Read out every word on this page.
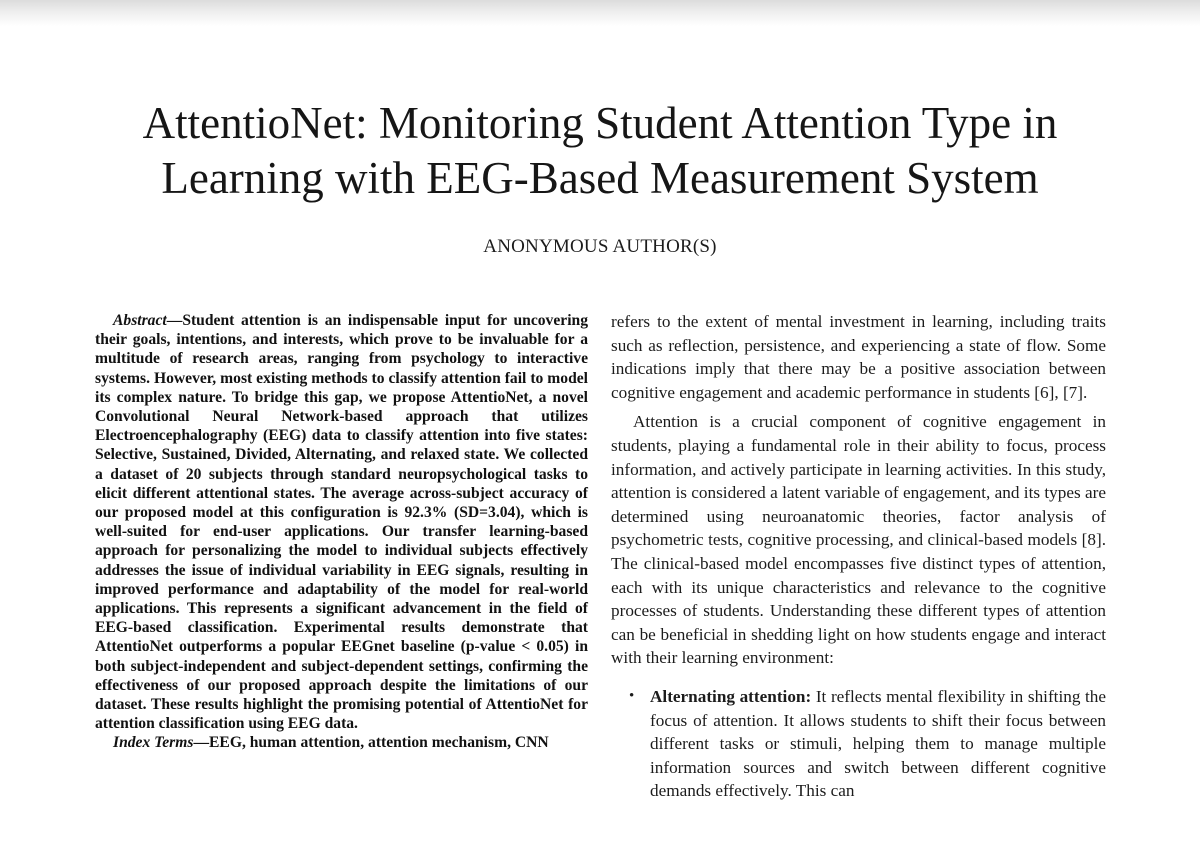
AttentioNet: Monitoring Student Attention Type in
Learning with EEG-Based Measurement System
ANONYMOUS AUTHOR(S)

Abstract—Student attention is an indispensable input for uncovering their goals, intentions, and interests, which prove to be invaluable for a multitude of research areas, ranging from psychology to interactive systems. However, most existing methods to classify attention fail to model its complex nature. To bridge this gap, we propose AttentioNet, a novel Convolutional Neural Network-based approach that utilizes Electroencephalography (EEG) data to classify attention into five states: Selective, Sustained, Divided, Alternating, and relaxed state. We collected a dataset of 20 subjects through standard neuropsychological tasks to elicit different attentional states. The average across-subject accuracy of our proposed model at this configuration is 92.3% (SD=3.04), which is well-suited for end-user applications. Our transfer learning-based approach for personalizing the model to individual subjects effectively addresses the issue of individual variability in EEG signals, resulting in improved performance and adaptability of the model for real-world applications. This represents a significant advancement in the field of EEG-based classification. Experimental results demonstrate that AttentioNet outperforms a popular EEGnet baseline (p-value < 0.05) in both subject-independent and subject-dependent settings, confirming the effectiveness of our proposed approach despite the limitations of our dataset. These results highlight the promising potential of AttentioNet for attention classification using EEG data.

Index Terms—EEG, human attention, attention mechanism, CNN

refers to the extent of mental investment in learning, including traits such as reflection, persistence, and experiencing a state of flow. Some indications imply that there may be a positive association between cognitive engagement and academic performance in students [6], [7].

Attention is a crucial component of cognitive engagement in students, playing a fundamental role in their ability to focus, process information, and actively participate in learning activities. In this study, attention is considered a latent variable of engagement, and its types are determined using neuroanatomic theories, factor analysis of psychometric tests, cognitive processing, and clinical-based models [8]. The clinical-based model encompasses five distinct types of attention, each with its unique characteristics and relevance to the cognitive processes of students. Understanding these different types of attention can be beneficial in shedding light on how students engage and interact with their learning environment:

• Alternating attention: It reflects mental flexibility in shifting the focus of attention. It allows students to shift their focus between different tasks or stimuli, helping them to manage multiple information sources and switch between different cognitive demands effectively. This can
